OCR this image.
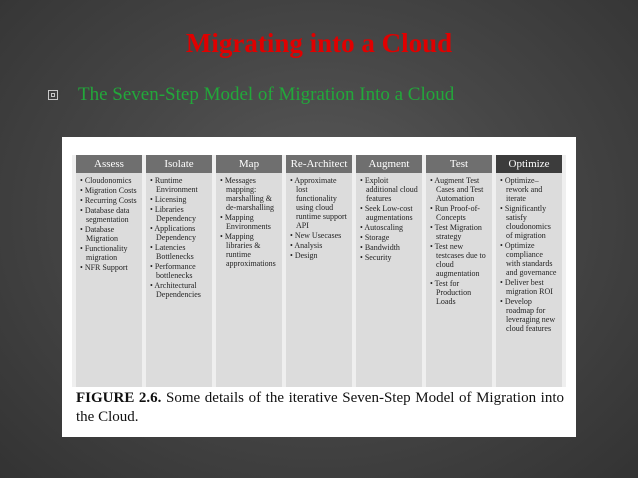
Migrating into a Cloud
The Seven-Step Model of Migration Into a Cloud
Assess
• Cloudonomics
• Migration Costs
• Recurring Costs
• Database data segmentation
• Database Migration
• Functionality migration
• NFR Support
Isolate
• Runtime Environment
• Licensing
• Libraries Dependency
• Applications Dependency
• Latencies Bottlenecks
• Performance bottlenecks
• Architectural Dependencies
Map
• Messages mapping: marshalling & de-marshalling
• Mapping Environments
• Mapping libraries & runtime approximations
Re-Architect
• Approximate lost functionality using cloud runtime support API
• New Usecases
• Analysis
• Design
Augment
• Exploit additional cloud features
• Seek Low-cost augmentations
• Autoscaling
• Storage
• Bandwidth
• Security
Test
• Augment Test Cases and Test Automation
• Run Proof-of-Concepts
• Test Migration strategy
• Test new testcases due to cloud augmentation
• Test for Production Loads
Optimize
• Optimize– rework and iterate
• Significantly satisfy cloudonomics of migration
• Optimize compliance with standards and governance
• Deliver best migration ROI
• Develop roadmap for leveraging new cloud features
FIGURE 2.6. Some details of the iterative Seven-Step Model of Migration into the Cloud.
